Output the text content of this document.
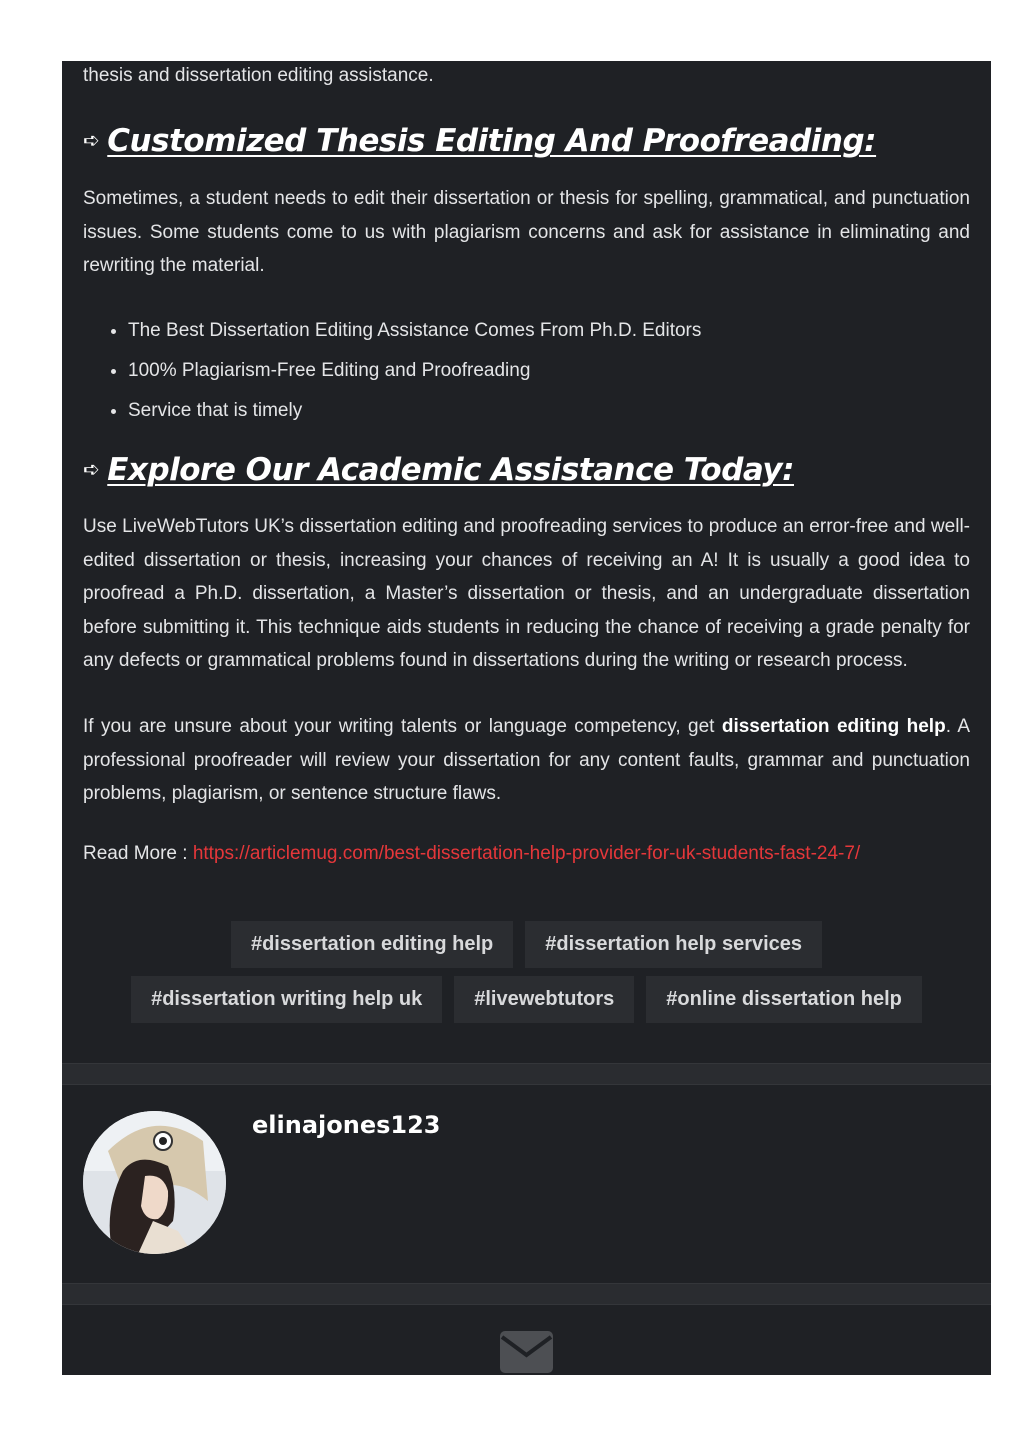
thesis and dissertation editing assistance.
➪ Customized Thesis Editing And Proofreading:

Sometimes, a student needs to edit their dissertation or thesis for spelling, grammatical, and punctuation issues. Some students come to us with plagiarism concerns and ask for assistance in eliminating and rewriting the material.

• The Best Dissertation Editing Assistance Comes From Ph.D. Editors
• 100% Plagiarism-Free Editing and Proofreading
• Service that is timely
➪ Explore Our Academic Assistance Today:

Use LiveWebTutors UK’s dissertation editing and proofreading services to produce an error-free and well-edited dissertation or thesis, increasing your chances of receiving an A! It is usually a good idea to proofread a Ph.D. dissertation, a Master’s dissertation or thesis, and an undergraduate dissertation before submitting it. This technique aids students in reducing the chance of receiving a grade penalty for any defects or grammatical problems found in dissertations during the writing or research process.

If you are unsure about your writing talents or language competency, get dissertation editing help. A professional proofreader will review your dissertation for any content faults, grammar and punctuation problems, plagiarism, or sentence structure flaws.

Read More : https://articlemug.com/best-dissertation-help-provider-for-uk-students-fast-24-7/
#dissertation editing help	#dissertation help services
#dissertation writing help uk	#livewebtutors	#online dissertation help
elinajones123
